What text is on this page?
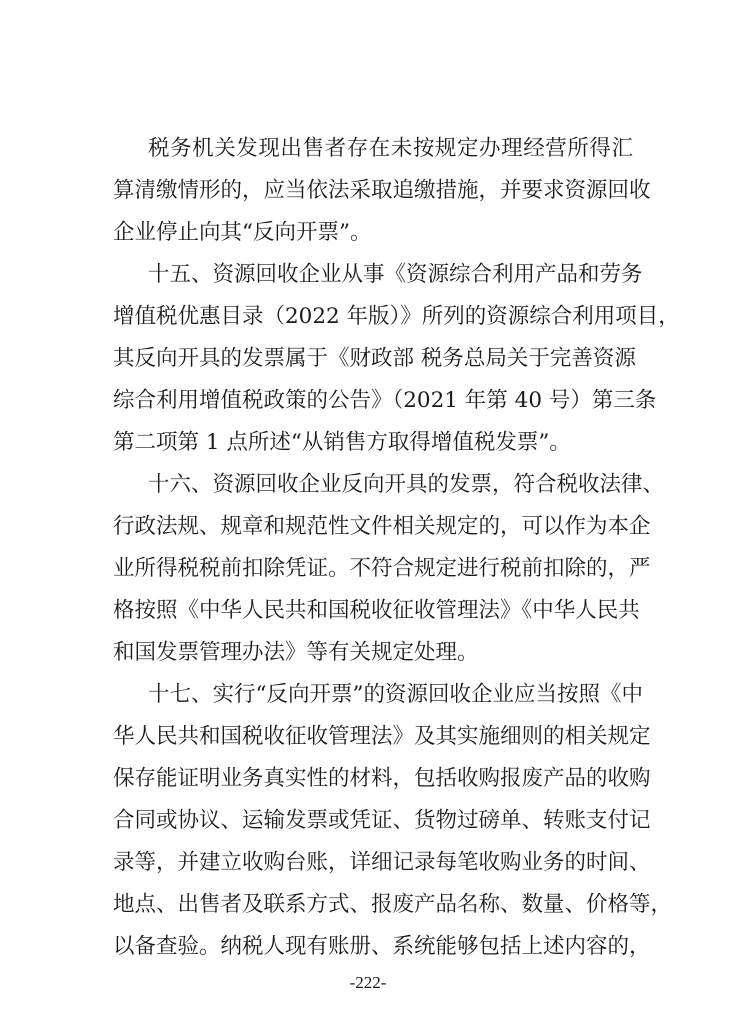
税务机关发现出售者存在未按规定办理经营所得汇
算清缴情形的，应当依法采取追缴措施，并要求资源回收
企业停止向其“反向开票”。
十五、资源回收企业从事《资源综合利用产品和劳务
增值税优惠目录（2022 年版）》所列的资源综合利用项目，
其反向开具的发票属于《财政部 税务总局关于完善资源
综合利用增值税政策的公告》（2021 年第 40 号）第三条
第二项第 1 点所述“从销售方取得增值税发票”。
十六、资源回收企业反向开具的发票，符合税收法律、
行政法规、规章和规范性文件相关规定的，可以作为本企
业所得税税前扣除凭证。不符合规定进行税前扣除的，严
格按照《中华人民共和国税收征收管理法》《中华人民共
和国发票管理办法》等有关规定处理。
十七、实行“反向开票”的资源回收企业应当按照《中
华人民共和国税收征收管理法》及其实施细则的相关规定
保存能证明业务真实性的材料，包括收购报废产品的收购
合同或协议、运输发票或凭证、货物过磅单、转账支付记
录等，并建立收购台账，详细记录每笔收购业务的时间、
地点、出售者及联系方式、报废产品名称、数量、价格等，
以备查验。纳税人现有账册、系统能够包括上述内容的，
-222-
